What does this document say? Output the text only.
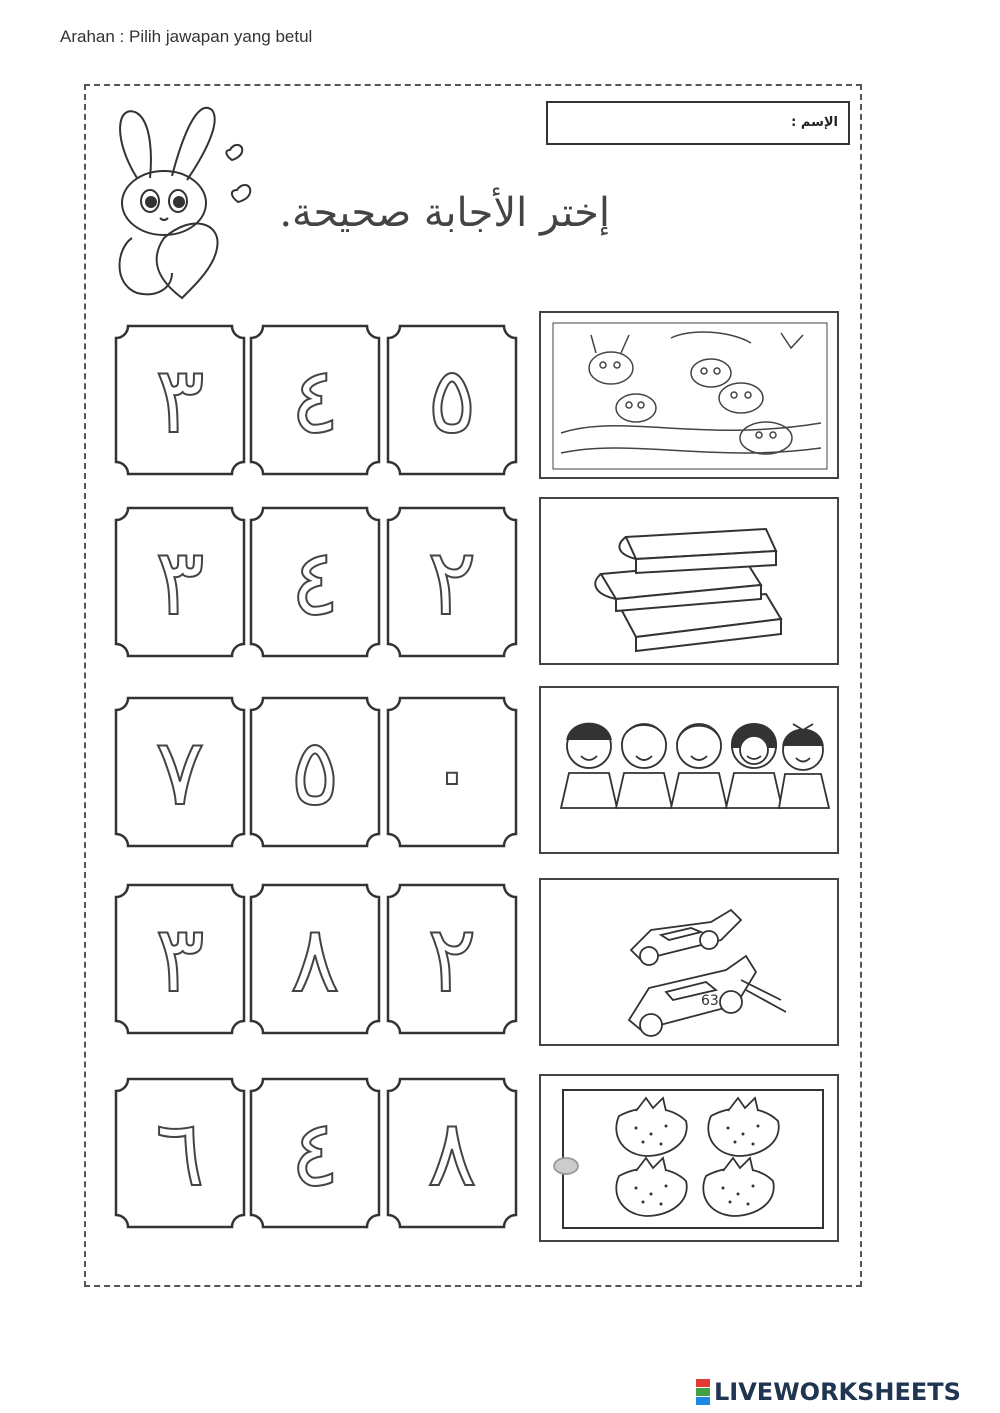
Arahan : Pilih jawapan yang betul
الإسم :
إختر الأجابة صحيحة.
٣ ٤ ٥
٣ ٤ ٢
٧ ٥ ٠
٣ ٨ ٢	63
٦ ٤ ٨
LIVEWORKSHEETS
